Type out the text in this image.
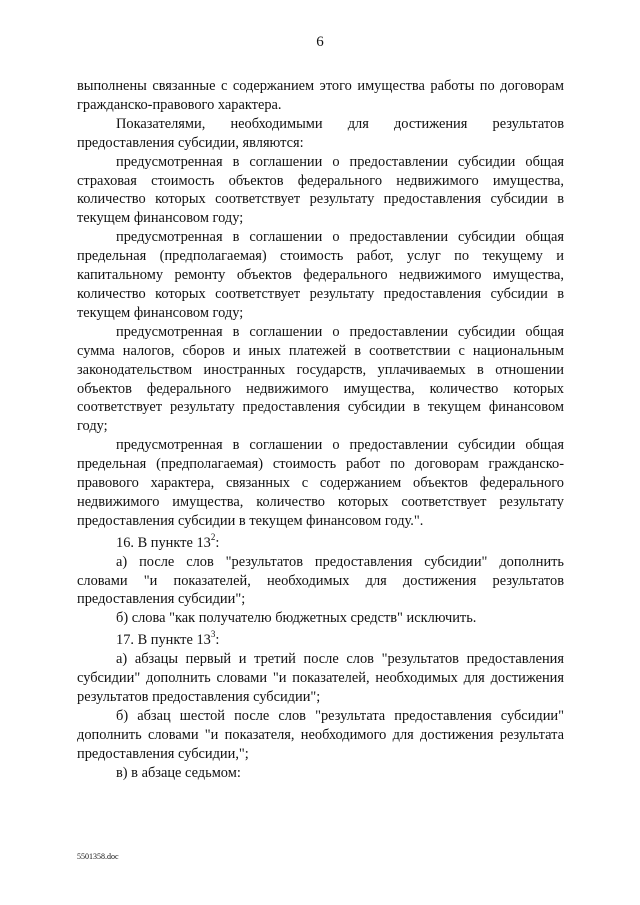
6

выполнены связанные с содержанием этого имущества работы по договорам гражданско-правового характера.

Показателями, необходимыми для достижения результатов предоставления субсидии, являются:

предусмотренная в соглашении о предоставлении субсидии общая страховая стоимость объектов федерального недвижимого имущества, количество которых соответствует результату предоставления субсидии в текущем финансовом году;

предусмотренная в соглашении о предоставлении субсидии общая предельная (предполагаемая) стоимость работ, услуг по текущему и капитальному ремонту объектов федерального недвижимого имущества, количество которых соответствует результату предоставления субсидии в текущем финансовом году;

предусмотренная в соглашении о предоставлении субсидии общая сумма налогов, сборов и иных платежей в соответствии с национальным законодательством иностранных государств, уплачиваемых в отношении объектов федерального недвижимого имущества, количество которых соответствует результату предоставления субсидии в текущем финансовом году;

предусмотренная в соглашении о предоставлении субсидии общая предельная (предполагаемая) стоимость работ по договорам гражданско-правового характера, связанных с содержанием объектов федерального недвижимого имущества, количество которых соответствует результату предоставления субсидии в текущем финансовом году.".

16. В пункте $13^2$:

а) после слов "результатов предоставления субсидии" дополнить словами "и показателей, необходимых для достижения результатов предоставления субсидии";

б) слова "как получателю бюджетных средств" исключить.

17. В пункте $13^3$:

а) абзацы первый и третий после слов "результатов предоставления субсидии" дополнить словами "и показателей, необходимых для достижения результатов предоставления субсидии";

б) абзац шестой после слов "результата предоставления субсидии" дополнить словами "и показателя, необходимого для достижения результата предоставления субсидии,";

в) в абзаце седьмом:

5501358.doc
